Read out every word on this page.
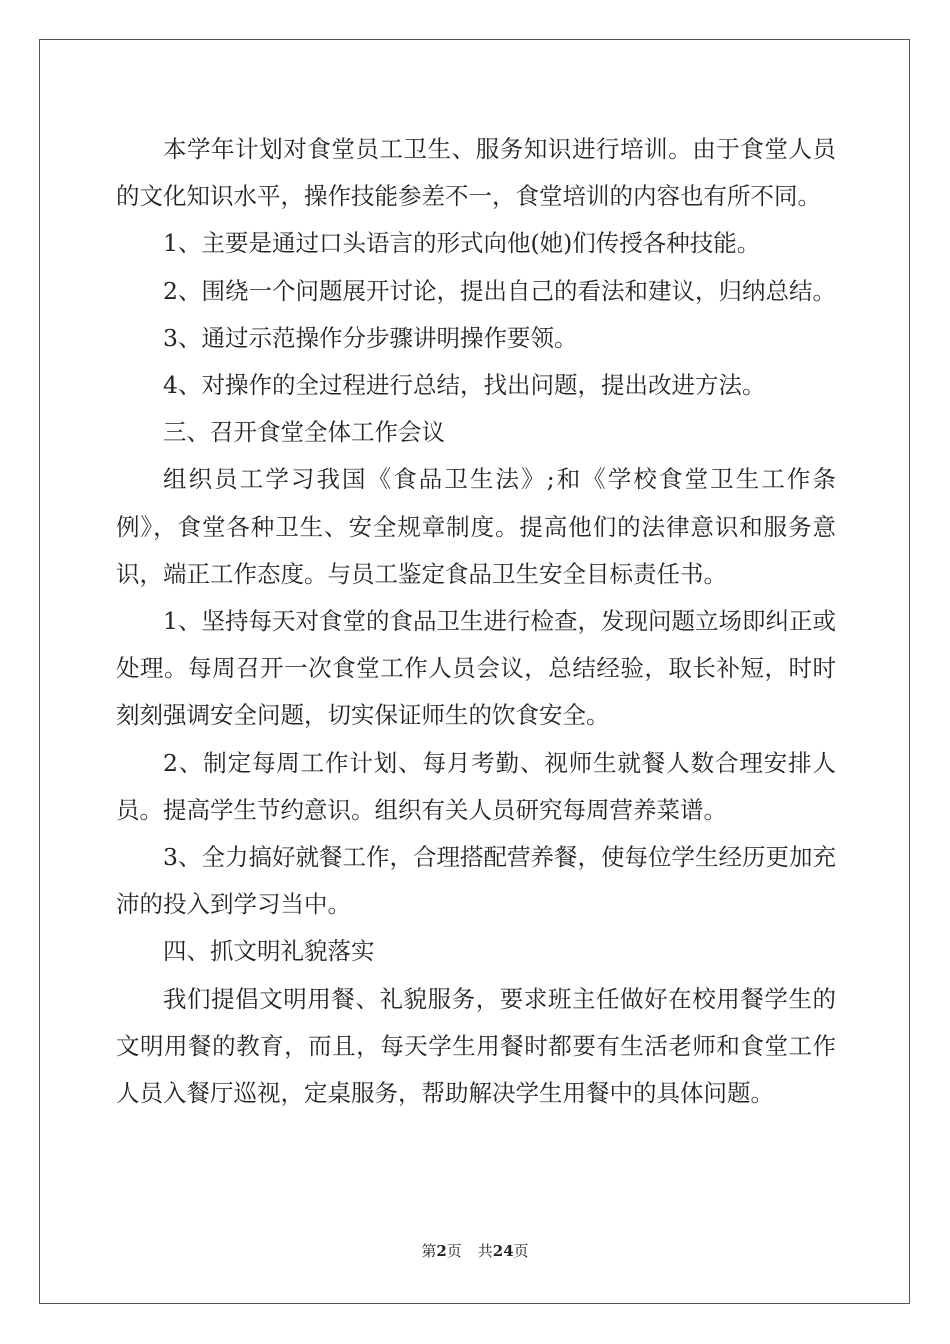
本学年计划对食堂员工卫生、服务知识进行培训。由于食堂人员的文化知识水平，操作技能参差不一，食堂培训的内容也有所不同。

1、主要是通过口头语言的形式向他(她)们传授各种技能。

2、围绕一个问题展开讨论，提出自己的看法和建议，归纳总结。

3、通过示范操作分步骤讲明操作要领。

4、对操作的全过程进行总结，找出问题，提出改进方法。

三、召开食堂全体工作会议

组织员工学习我国《食品卫生法》;和《学校食堂卫生工作条例》，食堂各种卫生、安全规章制度。提高他们的法律意识和服务意识，端正工作态度。与员工鉴定食品卫生安全目标责任书。

1、坚持每天对食堂的食品卫生进行检查，发现问题立场即纠正或处理。每周召开一次食堂工作人员会议，总结经验，取长补短，时时刻刻强调安全问题，切实保证师生的饮食安全。

2、制定每周工作计划、每月考勤、视师生就餐人数合理安排人员。提高学生节约意识。组织有关人员研究每周营养菜谱。

3、全力搞好就餐工作，合理搭配营养餐，使每位学生经历更加充沛的投入到学习当中。

四、抓文明礼貌落实

我们提倡文明用餐、礼貌服务，要求班主任做好在校用餐学生的文明用餐的教育，而且，每天学生用餐时都要有生活老师和食堂工作人员入餐厅巡视，定桌服务，帮助解决学生用餐中的具体问题。

第2页 共24页
